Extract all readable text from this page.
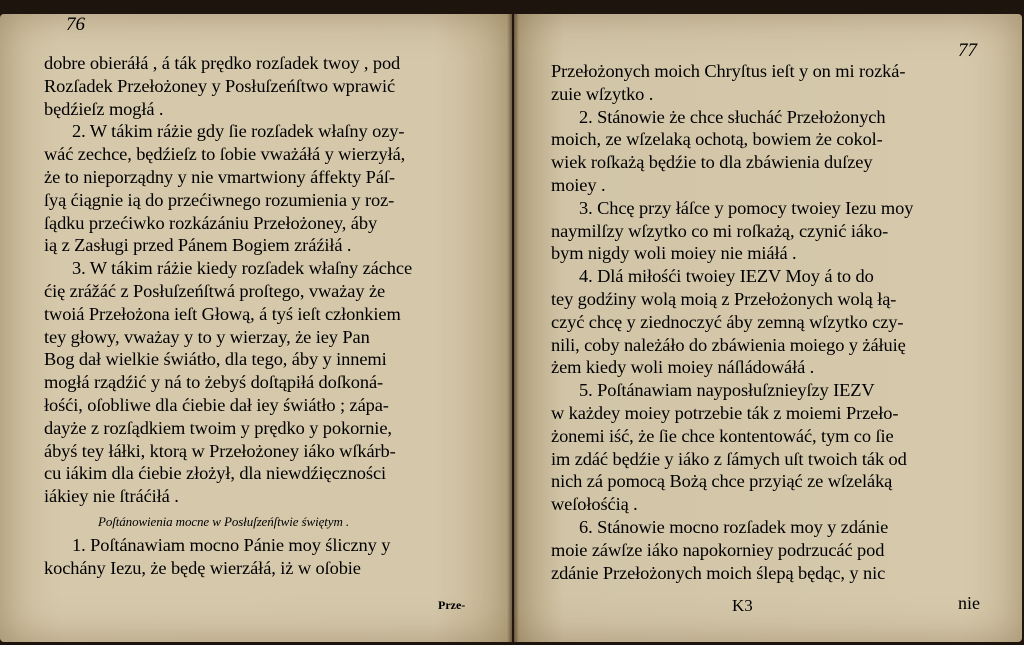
76
77
dobre obieráłá , á ták prędko rozſadek twoy , pod
Rozſadek Przełożoney y Posłuſzeńſtwo wprawić
będźieſz mogłá .
2. W tákim ráżie gdy ſie rozſadek właſny ozy-
wáć zechce, będźieſz to ſobie vważáłá y wierzyłá,
że to nieporządny y nie vmartwiony áffekty Páſ-
ſyą ćiągnie ią do przećiwnego rozumienia y roz-
ſądku przećiwko rozkázániu Przełożoney, áby
ią z Zasługi przed Pánem Bogiem zráźiłá .
3. W tákim ráżie kiedy rozſadek właſny záchce
ćię zrážáć z Posłuſzeńſtwá proſtego, vważay że
twoiá Przełożona ieſt Głową, á tyś ieſt członkiem
tey głowy, vważay y to y wierzay, że iey Pan
Bog dał wielkie świátło, dla tego, áby y innemi
mogłá rządźić y ná to żebyś doſtąpiłá doſkoná-
łośći, oſobliwe dla ćiebie dał iey świátło ; zápa-
dayże z rozſądkiem twoim y prędko y pokornie,
ábyś tey łáłki, ktorą w Przełożoney iáko wſkárb-
cu iákim dla ćiebie złożył, dla niewdźięczności
iákiey nie ſtráćiłá .
Poſtánowienia mocne w Posłuſzeńſtwie świętym .
1. Poſtánawiam mocno Pánie moy śliczny y
kochány Iezu, że będę wierzáłá, iż w oſobie
Przełożonych moich Chryſtus ieſt y on mi rozká-
zuie wſzytko .
2. Stánowie że chce słucháć Przełożonych
moich, ze wſzelaką ochotą, bowiem że cokol-
wiek roſkażą będźie to dla zbáwienia duſzey
moiey .
3. Chcę przy łáſce y pomocy twoiey Iezu moy
naymilſzy wſzytko co mi roſkażą, czynić iáko-
bym nigdy woli moiey nie miáłá .
4. Dlá miłośći twoiey IEZV Moy á to do
tey godźiny wolą moią z Przełożonych wolą łą-
czyć chcę y ziednoczyć áby zemną wſzytko czy-
nili, coby należáło do zbáwienia moiego y żáłuię
żem kiedy woli moiey náſládowáłá .
5. Poſtánawiam nayposłuſznieyſzy IEZV
w każdey moiey potrzebie ták z moiemi Przeło-
żonemi iść, że ſie chce kontentowáć, tym co ſie
im zdáć będźie y iáko z ſámych uſt twoich ták od
nich zá pomocą Bożą chce przyiąć ze wſzeláką
weſołośćią .
6. Stánowie mocno rozſadek moy y zdánie
moie záwſze iáko napokorniey podrzucáć pod
zdánie Przełożonych moich ślepą będąc, y nic
Prze-	K3	nie
